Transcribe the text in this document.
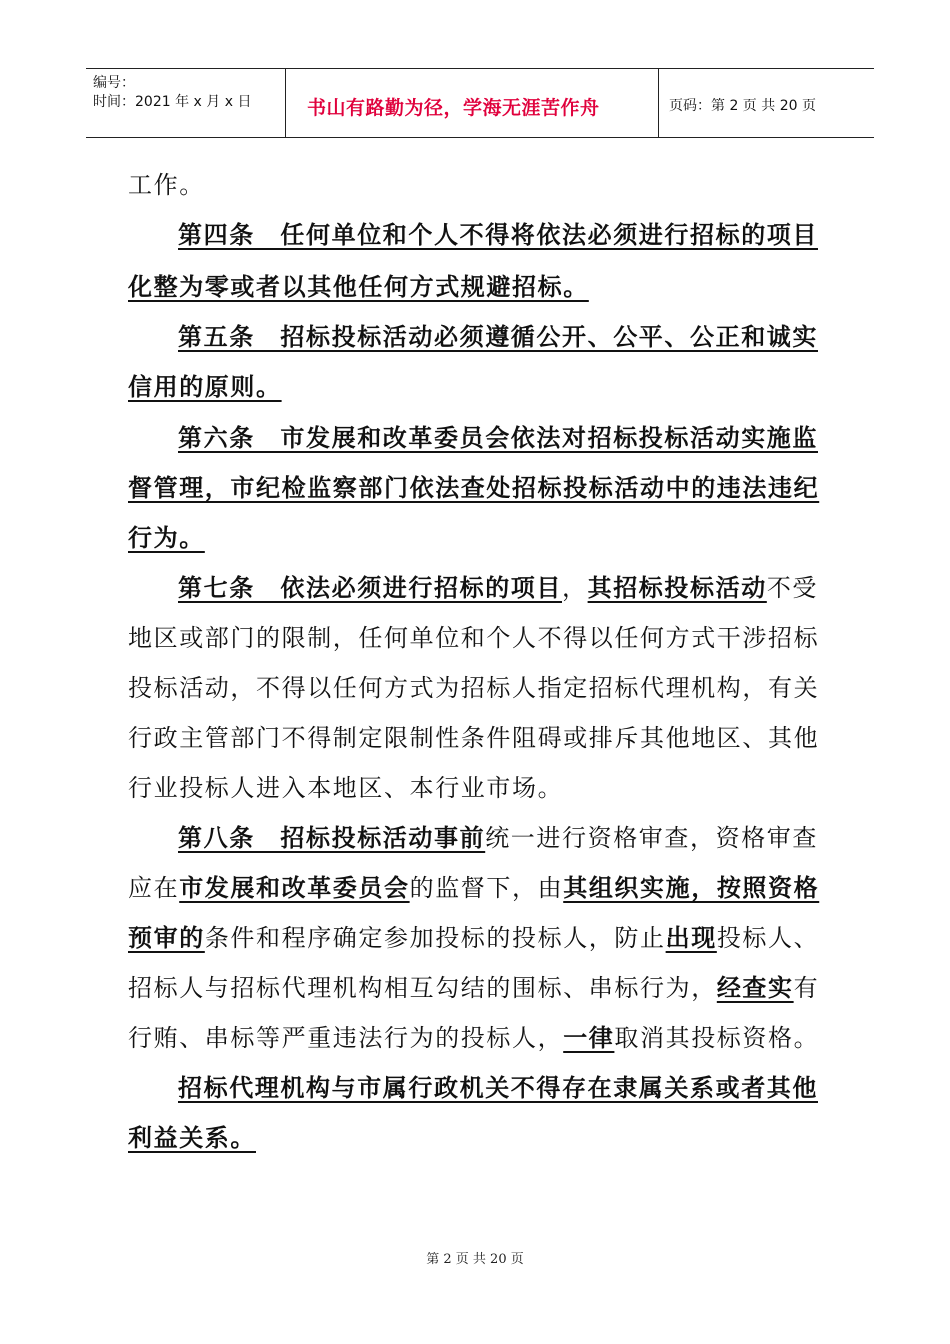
编号：
时间：2021 年 x 月 x 日	书山有路勤为径，学海无涯苦作舟	页码：第 2 页 共 20 页
工作。
第四条　任何单位和个人不得将依法必须进行招标的项目
化整为零或者以其他任何方式规避招标。
第五条　招标投标活动必须遵循公开、公平、公正和诚实
信用的原则。
第六条　市发展和改革委员会依法对招标投标活动实施监
督管理，市纪检监察部门依法查处招标投标活动中的违法违纪
行为。
第七条　依法必须进行招标的项目，其招标投标活动不受
地区或部门的限制，任何单位和个人不得以任何方式干涉招标
投标活动，不得以任何方式为招标人指定招标代理机构，有关
行政主管部门不得制定限制性条件阻碍或排斥其他地区、其他
行业投标人进入本地区、本行业市场。
第八条　招标投标活动事前统一进行资格审查，资格审查
应在市发展和改革委员会的监督下，由其组织实施，按照资格
预审的条件和程序确定参加投标的投标人，防止出现投标人、
招标人与招标代理机构相互勾结的围标、串标行为，经查实有
行贿、串标等严重违法行为的投标人，一律取消其投标资格。
招标代理机构与市属行政机关不得存在隶属关系或者其他
利益关系。
第 2 页 共 20 页
